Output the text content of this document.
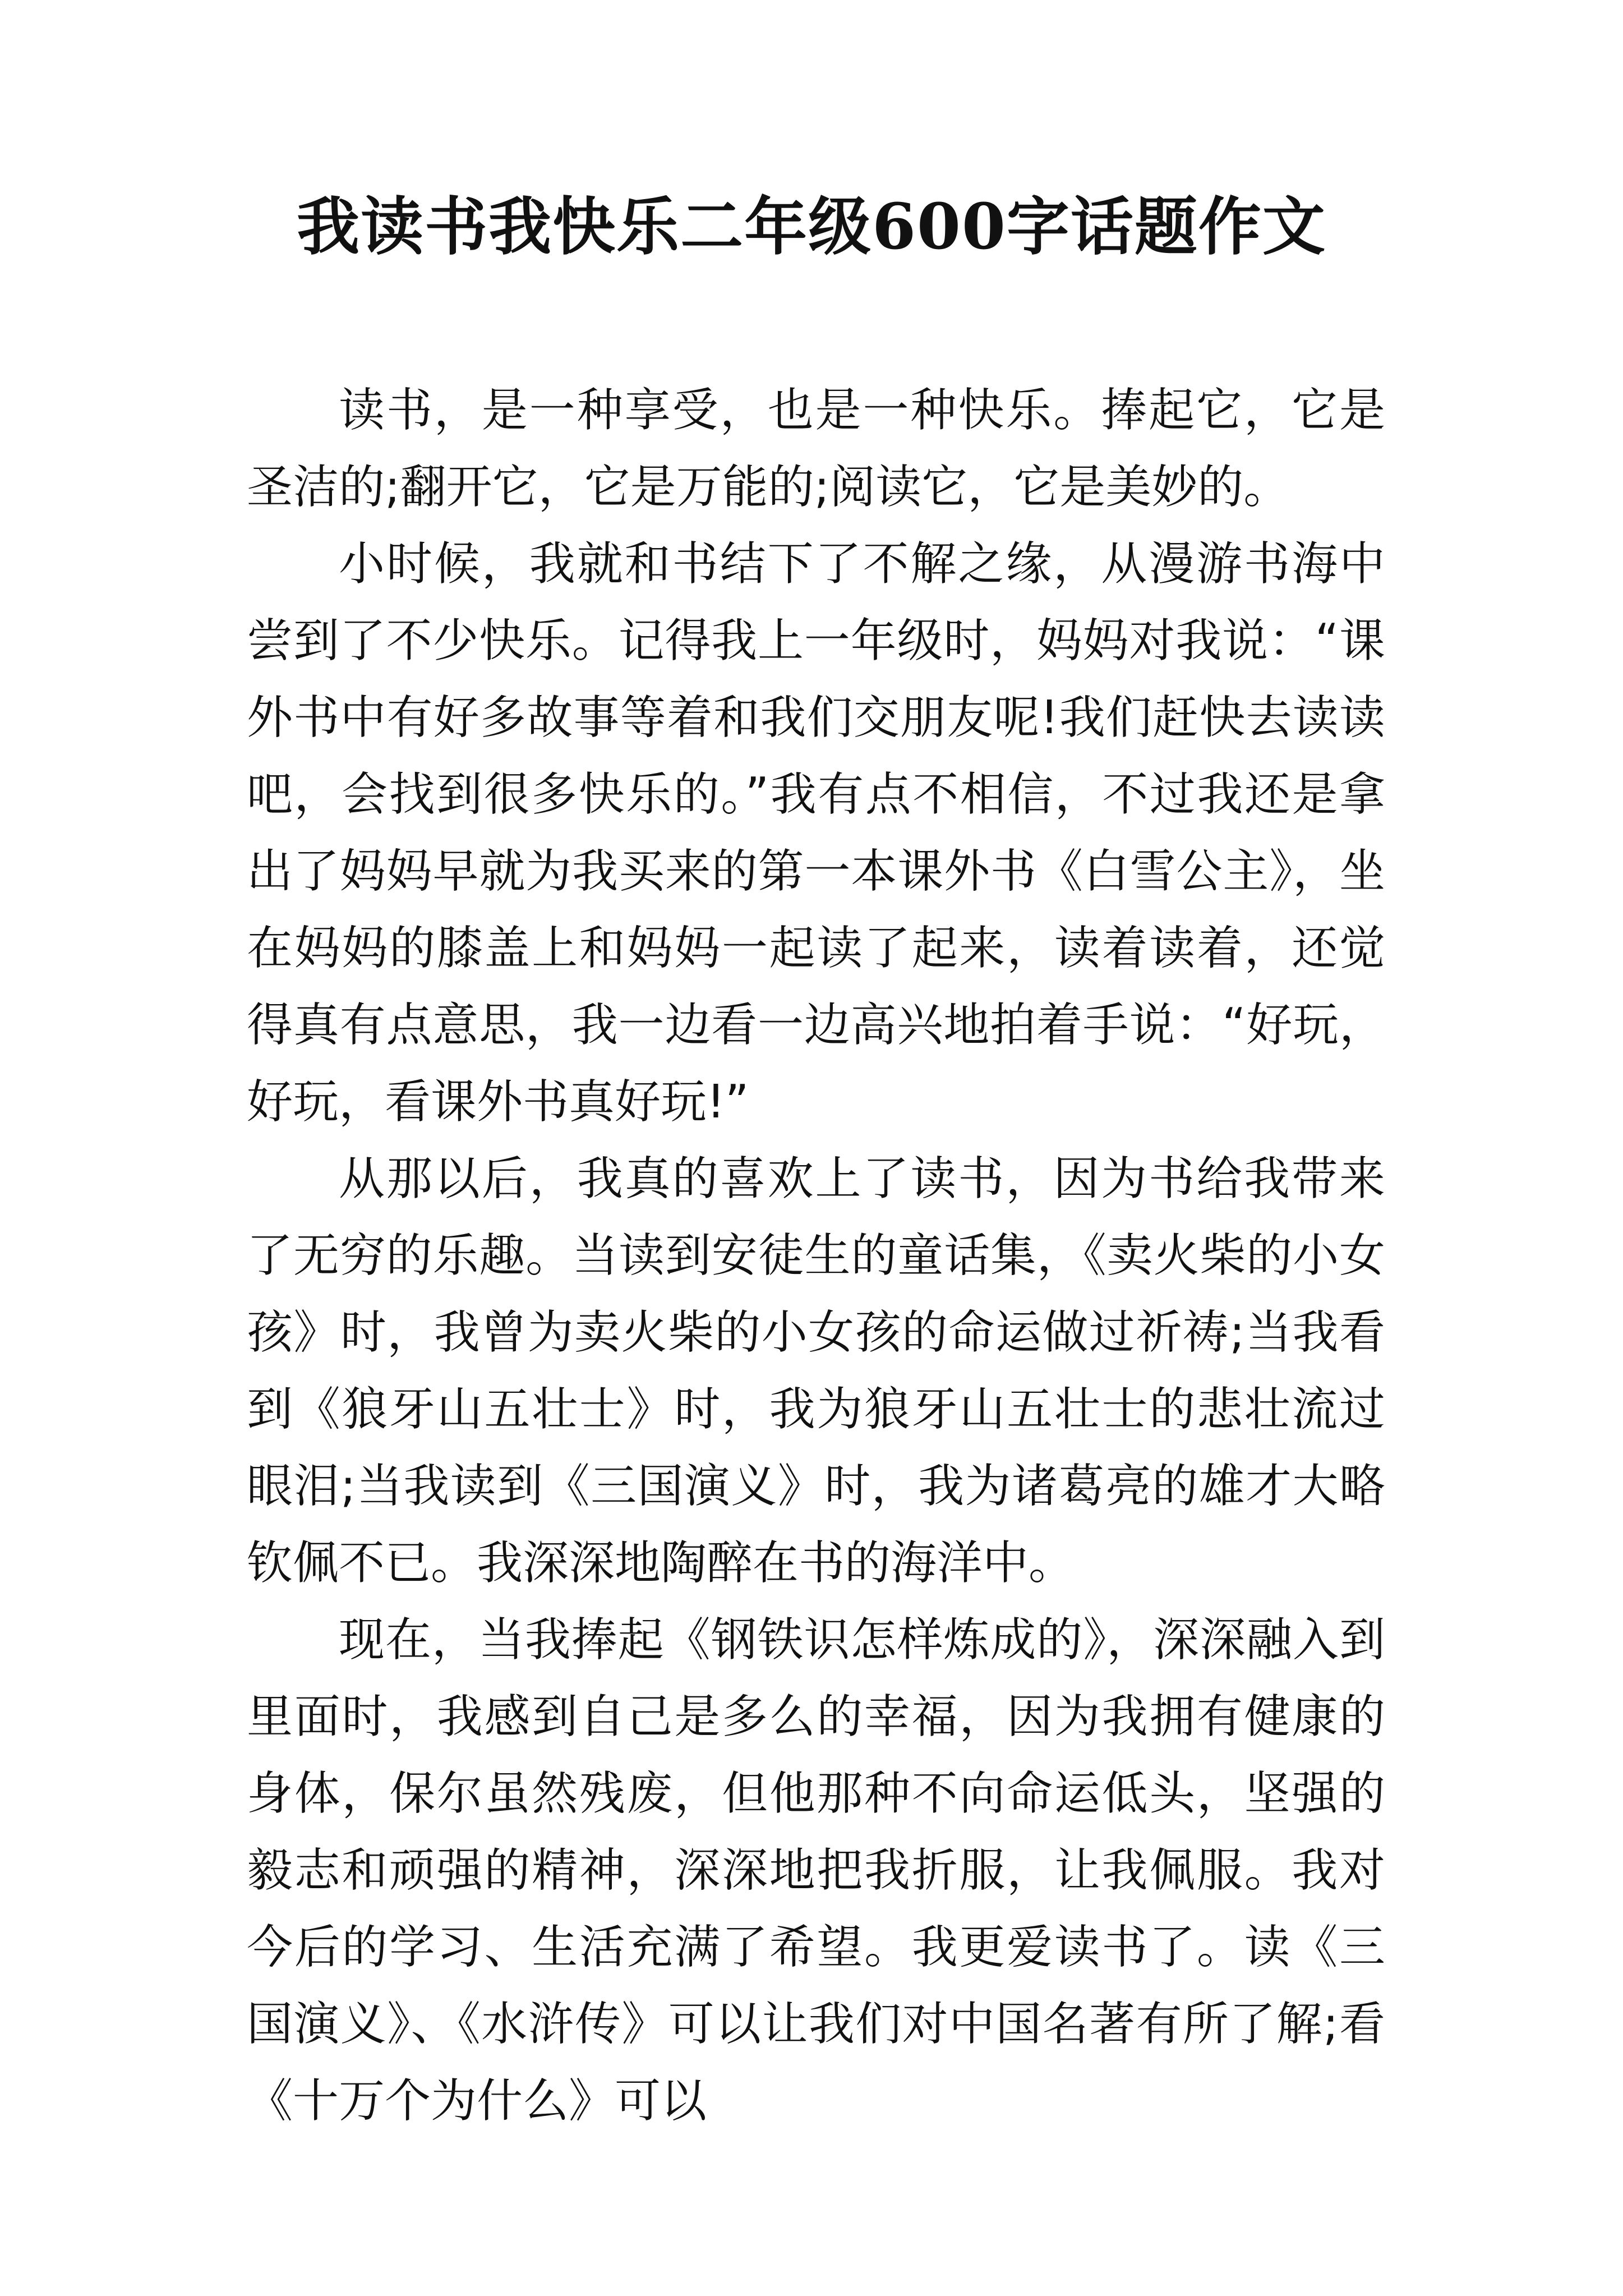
我读书我快乐二年级600字话题作文

读书，是一种享受，也是一种快乐。捧起它，它是圣洁的;翻开它，它是万能的;阅读它，它是美妙的。

小时候，我就和书结下了不解之缘，从漫游书海中尝到了不少快乐。记得我上一年级时，妈妈对我说：“课外书中有好多故事等着和我们交朋友呢!我们赶快去读读吧，会找到很多快乐的。”我有点不相信，不过我还是拿出了妈妈早就为我买来的第一本课外书《白雪公主》，坐在妈妈的膝盖上和妈妈一起读了起来，读着读着，还觉得真有点意思，我一边看一边高兴地拍着手说：“好玩，好玩，看课外书真好玩!”

从那以后，我真的喜欢上了读书，因为书给我带来了无穷的乐趣。当读到安徒生的童话集，《卖火柴的小女孩》时，我曾为卖火柴的小女孩的命运做过祈祷;当我看到《狼牙山五壮士》时，我为狼牙山五壮士的悲壮流过眼泪;当我读到《三国演义》时，我为诸葛亮的雄才大略钦佩不已。我深深地陶醉在书的海洋中。

现在，当我捧起《钢铁识怎样炼成的》，深深融入到里面时，我感到自己是多么的幸福，因为我拥有健康的身体，保尔虽然残废，但他那种不向命运低头，坚强的毅志和顽强的精神，深深地把我折服，让我佩服。我对今后的学习、生活充满了希望。我更爱读书了。读《三国演义》、《水浒传》可以让我们对中国名著有所了解;看《十万个为什么》可以
